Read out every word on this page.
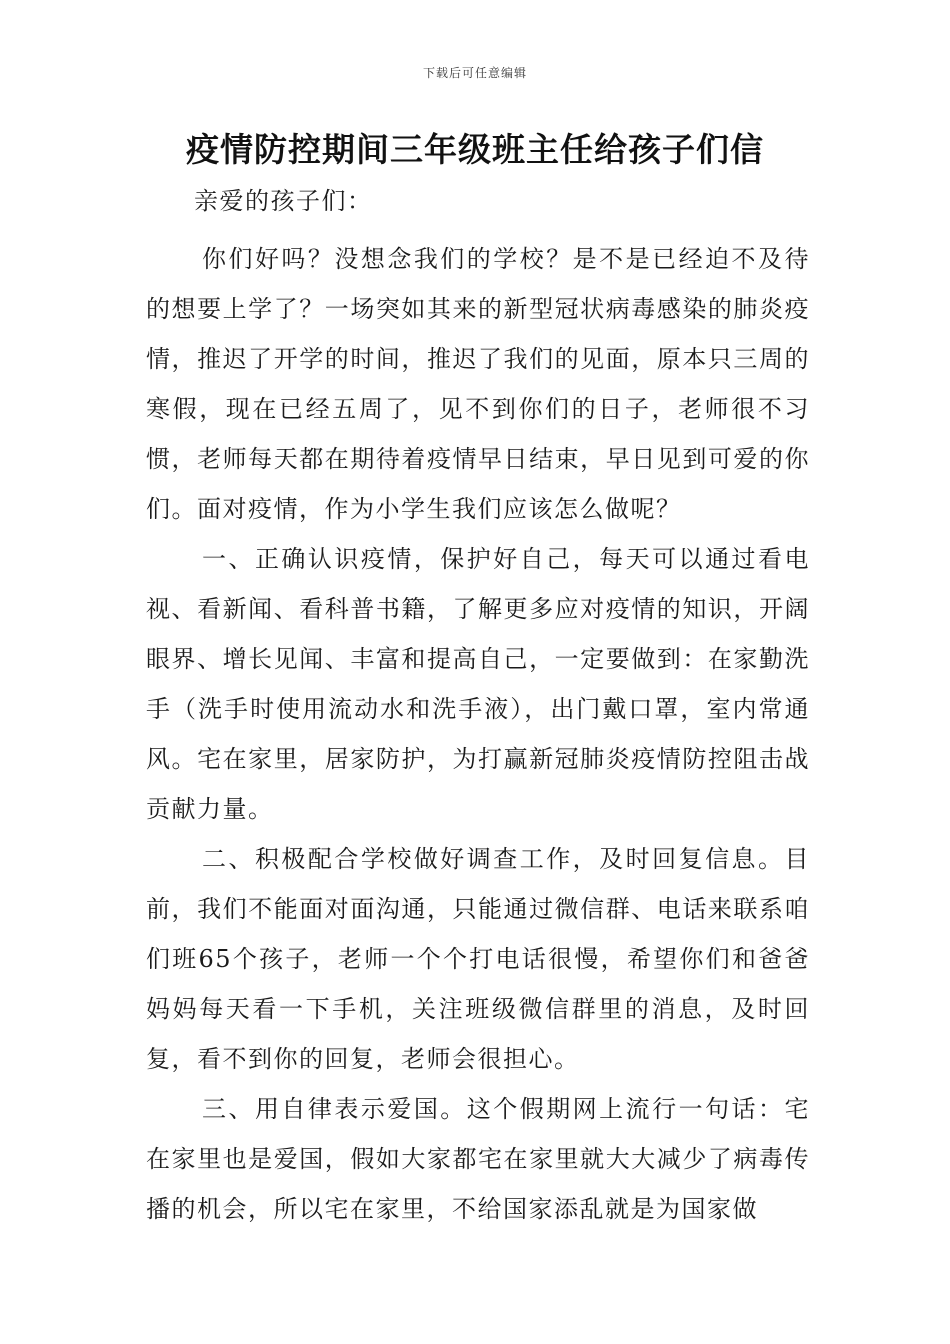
下载后可任意编辑
疫情防控期间三年级班主任给孩子们信

亲爱的孩子们：

你们好吗？没想念我们的学校？是不是已经迫不及待的想要上学了？一场突如其来的新型冠状病毒感染的肺炎疫情，推迟了开学的时间，推迟了我们的见面，原本只三周的寒假，现在已经五周了，见不到你们的日子，老师很不习惯，老师每天都在期待着疫情早日结束，早日见到可爱的你们。面对疫情，作为小学生我们应该怎么做呢？

一、正确认识疫情，保护好自己，每天可以通过看电视、看新闻、看科普书籍，了解更多应对疫情的知识，开阔眼界、增长见闻、丰富和提高自己，一定要做到：在家勤洗手（洗手时使用流动水和洗手液），出门戴口罩，室内常通风。宅在家里，居家防护，为打赢新冠肺炎疫情防控阻击战贡献力量。

二、积极配合学校做好调查工作，及时回复信息。目前，我们不能面对面沟通，只能通过微信群、电话来联系咱们班65个孩子，老师一个个打电话很慢，希望你们和爸爸妈妈每天看一下手机，关注班级微信群里的消息，及时回复，看不到你的回复，老师会很担心。

三、用自律表示爱国。这个假期网上流行一句话：宅在家里也是爱国，假如大家都宅在家里就大大减少了病毒传播的机会，所以宅在家里，不给国家添乱就是为国家做
